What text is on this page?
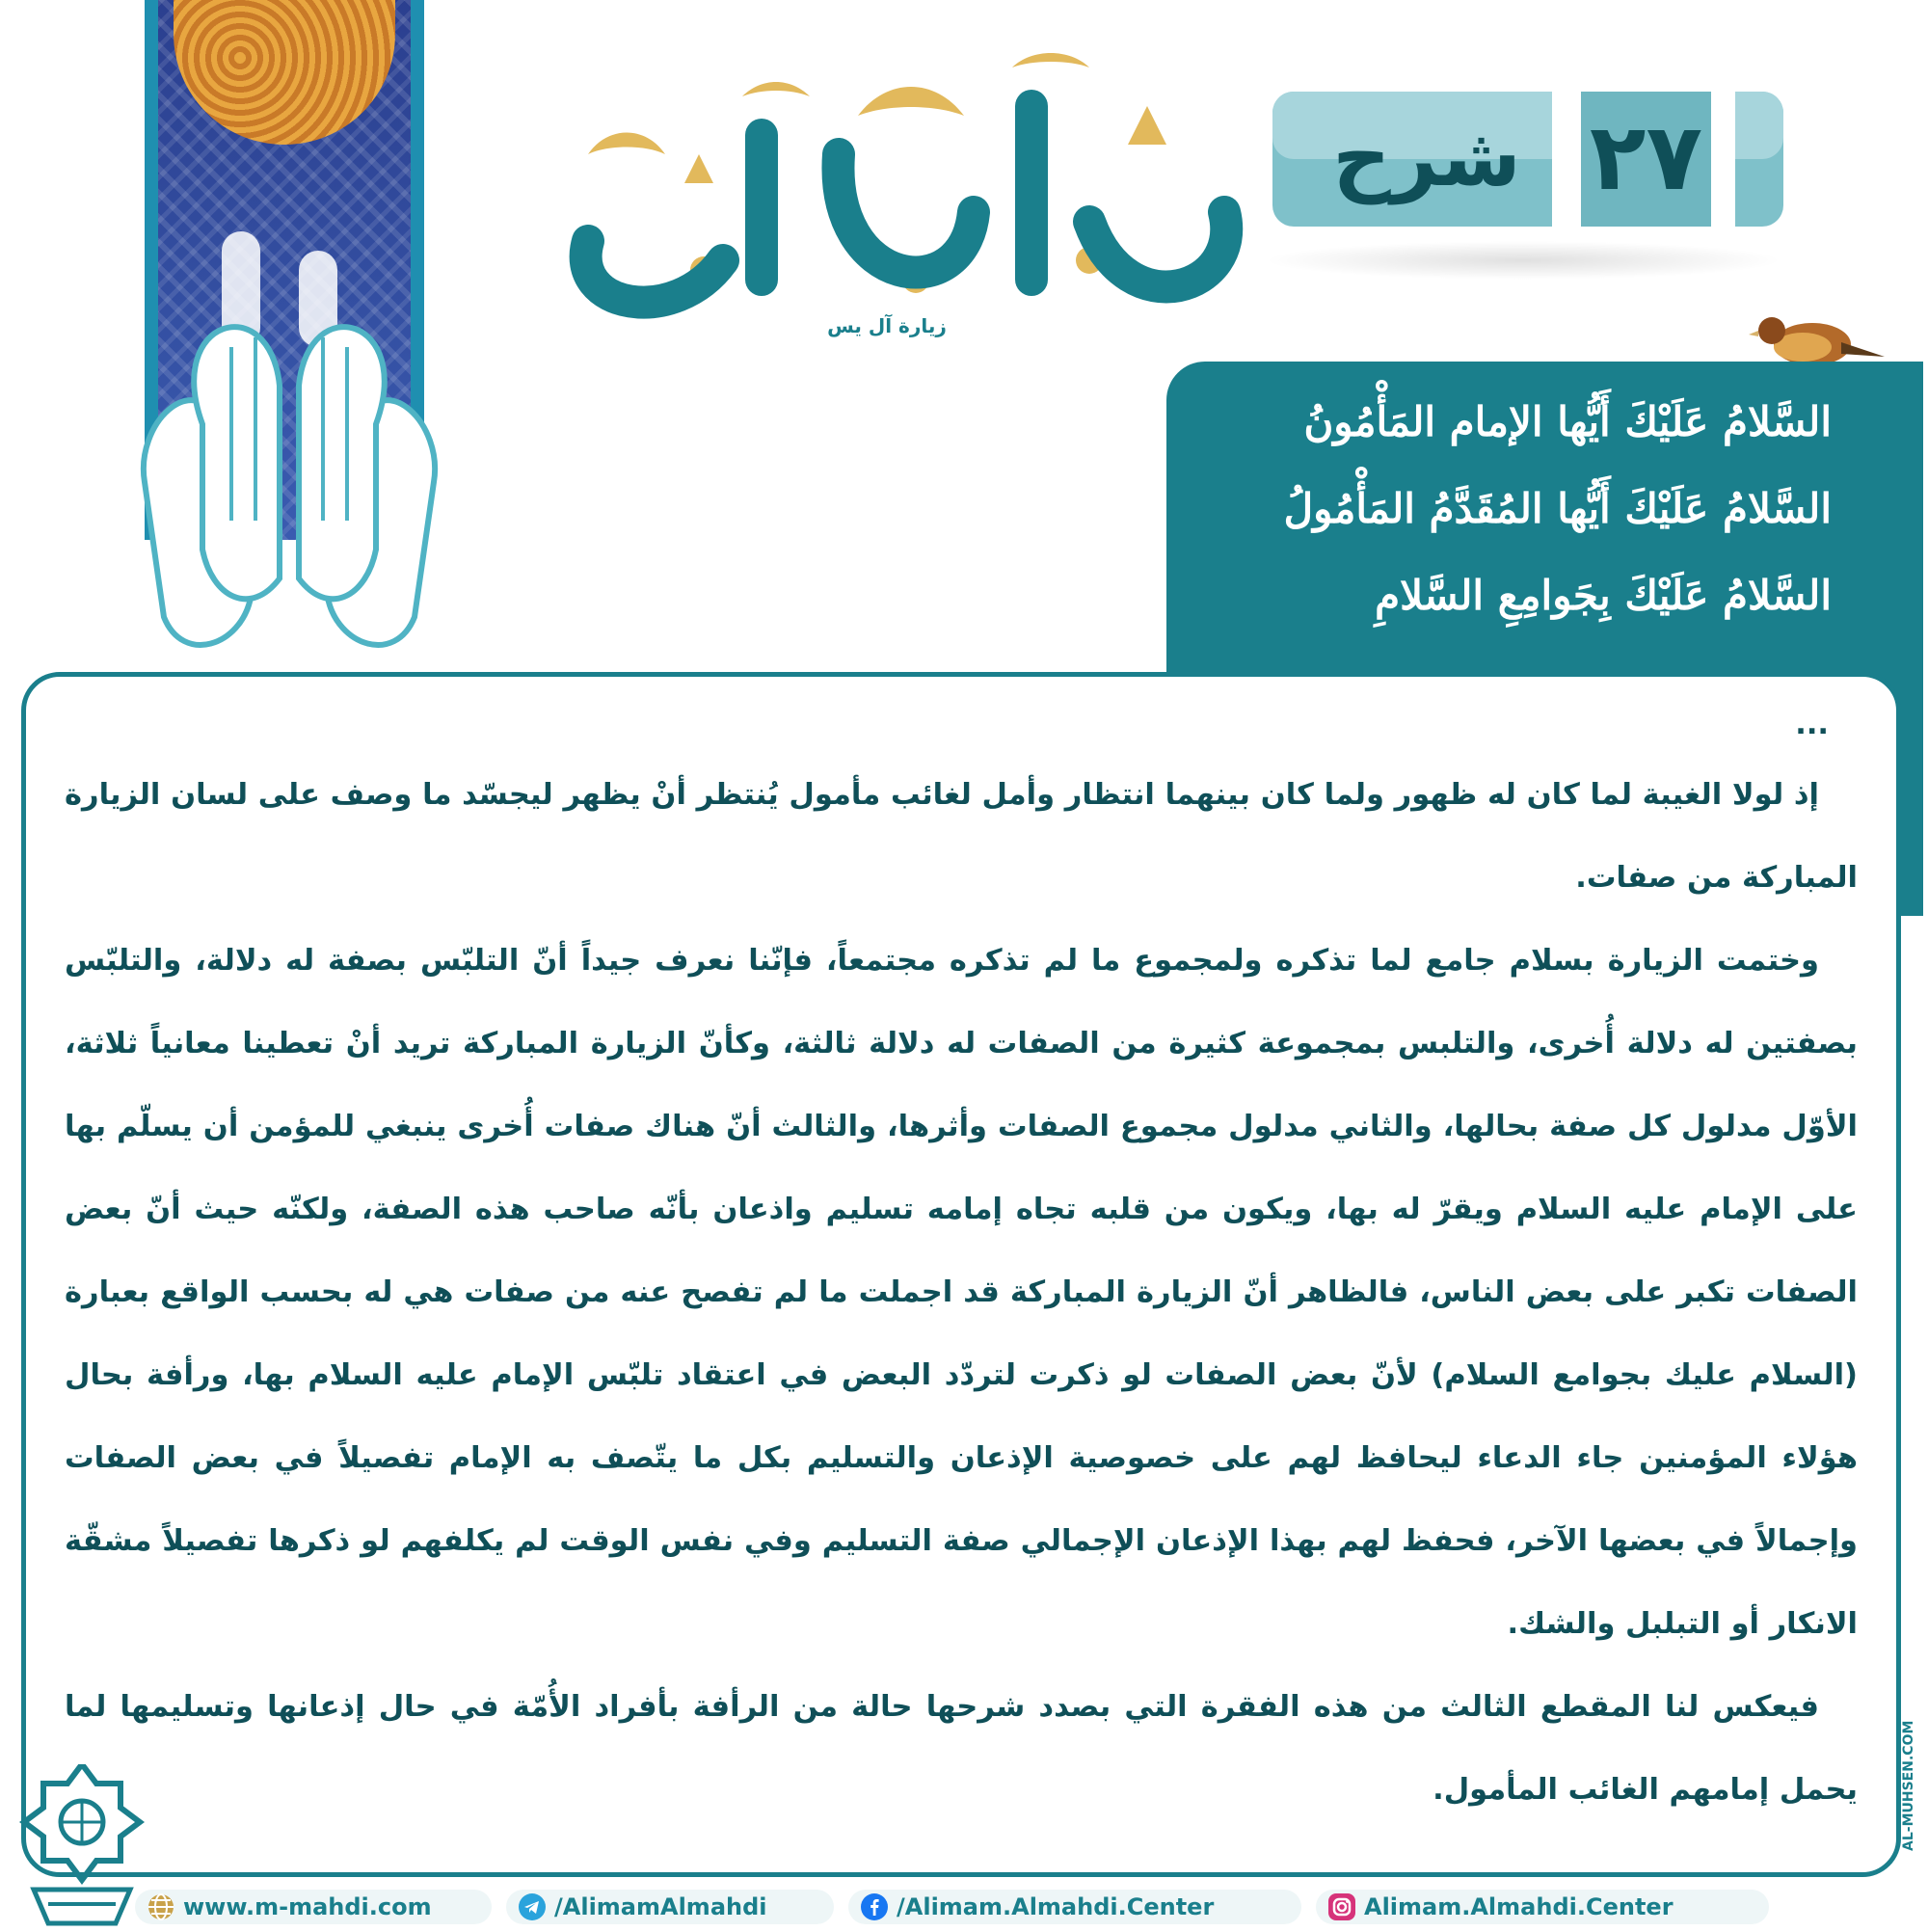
زيارة آل يس
٢٧
شرح
السَّلامُ عَلَيْكَ أَيُّها الإمام المَأْمُونُ
السَّلامُ عَلَيْكَ أَيُّها المُقَدَّمُ المَأْمُولُ
السَّلامُ عَلَيْكَ بِجَوامِعِ السَّلامِ

...

إذ لولا الغيبة لما كان له ظهور ولما كان بينهما انتظار وأمل لغائب مأمول يُنتظر أنْ يظهر ليجسّد ما وصف على لسان الزيارة المباركة من صفات.

وختمت الزيارة بسلام جامع لما تذكره ولمجموع ما لم تذكره مجتمعاً، فإنّنا نعرف جيداً أنّ التلبّس بصفة له دلالة، والتلبّس بصفتين له دلالة أُخرى، والتلبس بمجموعة كثيرة من الصفات له دلالة ثالثة، وكأنّ الزيارة المباركة تريد أنْ تعطينا معانياً ثلاثة، الأوّل مدلول كل صفة بحالها، والثاني مدلول مجموع الصفات وأثرها، والثالث أنّ هناك صفات أُخرى ينبغي للمؤمن أن يسلّم بها على الإمام عليه السلام ويقرّ له بها، ويكون من قلبه تجاه إمامه تسليم واذعان بأنّه صاحب هذه الصفة، ولكنّه حيث أنّ بعض الصفات تكبر على بعض الناس، فالظاهر أنّ الزيارة المباركة قد اجملت ما لم تفصح عنه من صفات هي له بحسب الواقع بعبارة (السلام عليك بجوامع السلام) لأنّ بعض الصفات لو ذكرت لتردّد البعض في اعتقاد تلبّس الإمام عليه السلام بها، ورأفة بحال هؤلاء المؤمنين جاء الدعاء ليحافظ لهم على خصوصية الإذعان والتسليم بكل ما يتّصف به الإمام تفصيلاً في بعض الصفات وإجمالاً في بعضها الآخر، فحفظ لهم بهذا الإذعان الإجمالي صفة التسليم وفي نفس الوقت لم يكلفهم لو ذكرها تفصيلاً مشقّة الانكار أو التبلبل والشك.

فيعكس لنا المقطع الثالث من هذه الفقرة التي بصدد شرحها حالة من الرأفة بأفراد الأُمّة في حال إذعانها وتسليمها لما يحمل إمامهم الغائب المأمول.	AL-MUHSEN.COM
www.m-mahdi.com	/AlimamAlmahdi	/Alimam.Almahdi.Center	Alimam.Almahdi.Center
